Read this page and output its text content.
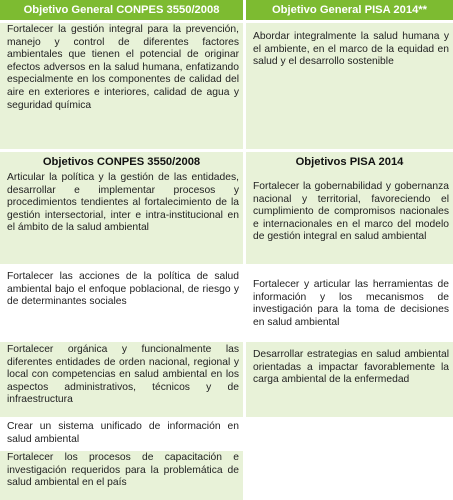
Objetivo General CONPES 3550/2008	Objetivo General PISA 2014**
Fortalecer la gestión integral para la prevención, manejo y control de diferentes factores ambientales que tienen el potencial de originar efectos adversos en la salud humana, enfatizando especialmente en los componentes de calidad del aire en exteriores e interiores, calidad de agua y seguridad química
Abordar integralmente la salud humana y el ambiente, en el marco de la equidad en salud y el desarrollo sostenible
Objetivos CONPES 3550/2008	Objetivos PISA 2014
Articular la política y la gestión de las entidades, desarrollar e implementar procesos y procedimientos tendientes al fortalecimiento de la gestión intersectorial, inter e intra-institucional en el ámbito de la salud ambiental
Fortalecer las acciones de la política de salud ambiental bajo el enfoque poblacional, de riesgo y de determinantes sociales
Fortalecer orgánica y funcionalmente las diferentes entidades de orden nacional, regional y local con competencias en salud ambiental en los aspectos administrativos, técnicos y de infraestructura
Crear un sistema unificado de información en salud ambiental
Fortalecer los procesos de capacitación e investigación requeridos para la problemática de salud ambiental en el país
Fortalecer la gobernabilidad y gobernanza nacional y territorial, favoreciendo el cumplimiento de compromisos nacionales e internacionales en el marco del modelo de gestión integral en salud ambiental
Fortalecer y articular las herramientas de información y los mecanismos de investigación para la toma de decisiones en salud ambiental
Desarrollar estrategias en salud ambiental orientadas a impactar favorablemente la carga ambiental de la enfermedad
